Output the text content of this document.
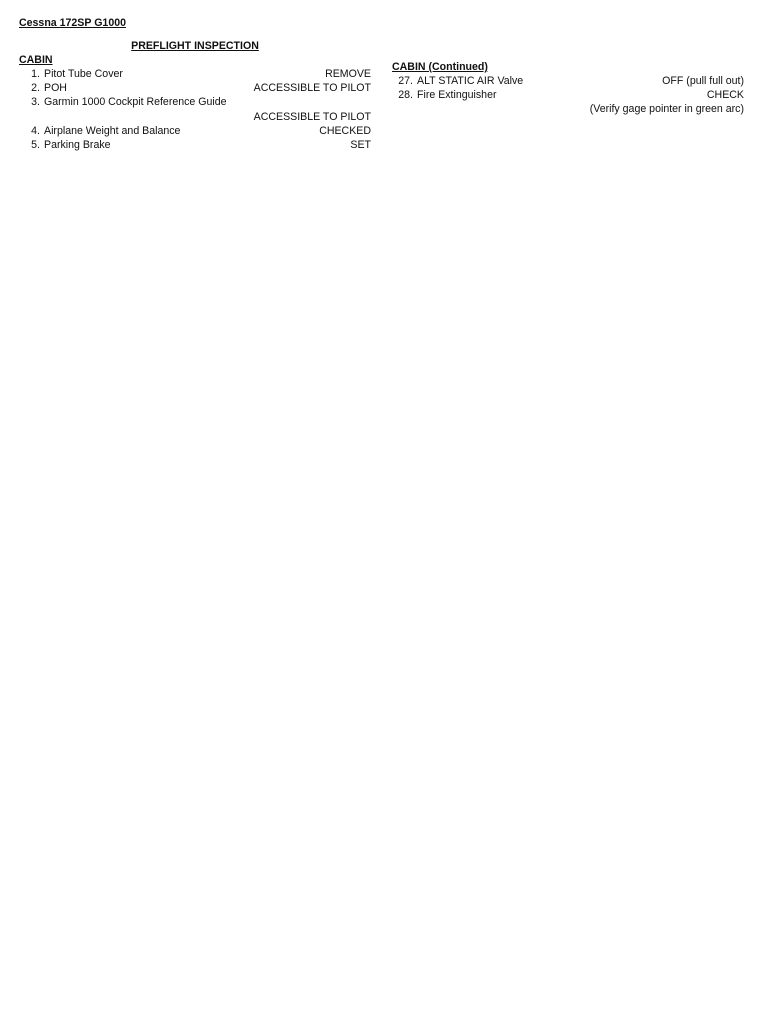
Cessna 172SP G1000
PREFLIGHT INSPECTION
CABIN
1. Pitot Tube Cover	REMOVE
2. POH	ACCESSIBLE TO PILOT
3. Garmin 1000 Cockpit Reference Guide
ACCESSIBLE TO PILOT
4. Airplane Weight and Balance	CHECKED
5. Parking Brake	SET
CABIN (Continued)
27. ALT STATIC AIR Valve	OFF (pull full out)
28. Fire Extinguisher	CHECK
(Verify gage pointer in green arc)
